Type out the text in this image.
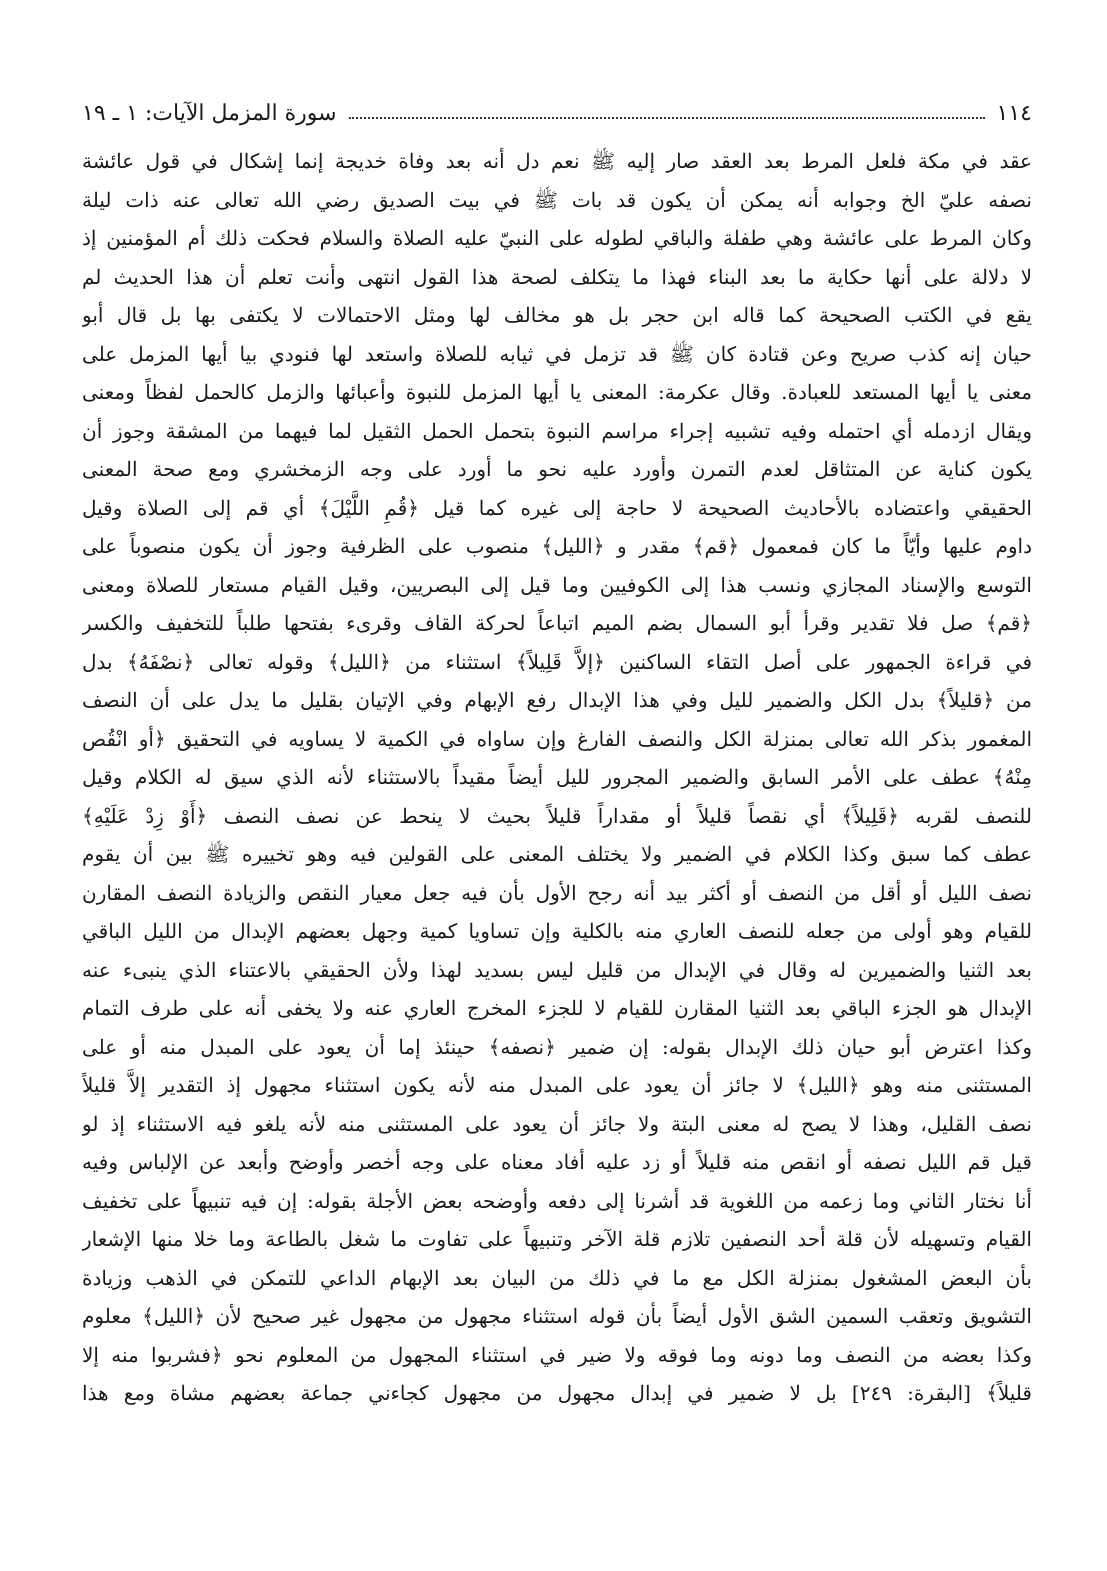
١١٤
سورة المزمل الآيات: ١ ـ ١٩
عقد في مكة فلعل المرط بعد العقد صار إليه ﷺ نعم دل أنه بعد وفاة خديجة إنما إشكال في قول عائشة
نصفه عليّ الخ وجوابه أنه يمكن أن يكون قد بات ﷺ في بيت الصديق رضي الله تعالى عنه ذات ليلة
وكان المرط على عائشة وهي طفلة والباقي لطوله على النبيّ عليه الصلاة والسلام فحكت ذلك أم المؤمنين إذ
لا دلالة على أنها حكاية ما بعد البناء فهذا ما يتكلف لصحة هذا القول انتهى وأنت تعلم أن هذا الحديث لم
يقع في الكتب الصحيحة كما قاله ابن حجر بل هو مخالف لها ومثل الاحتمالات لا يكتفى بها بل قال أبو
حيان إنه كذب صريح وعن قتادة كان ﷺ قد تزمل في ثيابه للصلاة واستعد لها فنودي بيا أيها المزمل على
معنى يا أيها المستعد للعبادة. وقال عكرمة: المعنى يا أيها المزمل للنبوة وأعبائها والزمل كالحمل لفظاً ومعنى
ويقال ازدمله أي احتمله وفيه تشبيه إجراء مراسم النبوة بتحمل الحمل الثقيل لما فيهما من المشقة وجوز أن
يكون كناية عن المتثاقل لعدم التمرن وأورد عليه نحو ما أورد على وجه الزمخشري ومع صحة المعنى
الحقيقي واعتضاده بالأحاديث الصحيحة لا حاجة إلى غيره كما قيل ﴿قُمِ اللَّيْلَ﴾ أي قم إلى الصلاة وقيل
داوم عليها وأيّاً ما كان فمعمول ﴿قم﴾ مقدر و ﴿الليل﴾ منصوب على الظرفية وجوز أن يكون منصوباً على
التوسع والإسناد المجازي ونسب هذا إلى الكوفيين وما قيل إلى البصريين، وقيل القيام مستعار للصلاة ومعنى
﴿قم﴾ صل فلا تقدير وقرأ أبو السمال بضم الميم اتباعاً لحركة القاف وقرىء بفتحها طلباً للتخفيف والكسر
في قراءة الجمهور على أصل التقاء الساكنين ﴿إلاَّ قَلِيلاً﴾ استثناء من ﴿الليل﴾ وقوله تعالى ﴿نصْفَهُ﴾ بدل
من ﴿قليلاً﴾ بدل الكل والضمير لليل وفي هذا الإبدال رفع الإبهام وفي الإتيان بقليل ما يدل على أن النصف
المغمور بذكر الله تعالى بمنزلة الكل والنصف الفارغ وإن ساواه في الكمية لا يساويه في التحقيق ﴿أو انْقُص
مِنْهُ﴾ عطف على الأمر السابق والضمير المجرور لليل أيضاً مقيداً بالاستثناء لأنه الذي سيق له الكلام وقيل
للنصف لقربه ﴿قَلِيلاً﴾ أي نقصاً قليلاً أو مقداراً قليلاً بحيث لا ينحط عن نصف النصف ﴿أَوْ زِدْ عَلَيْهِ﴾
عطف كما سبق وكذا الكلام في الضمير ولا يختلف المعنى على القولين فيه وهو تخييره ﷺ بين أن يقوم
نصف الليل أو أقل من النصف أو أكثر بيد أنه رجح الأول بأن فيه جعل معيار النقص والزيادة النصف المقارن
للقيام وهو أولى من جعله للنصف العاري منه بالكلية وإن تساويا كمية وجهل بعضهم الإبدال من الليل الباقي
بعد الثنيا والضميرين له وقال في الإبدال من قليل ليس بسديد لهذا ولأن الحقيقي بالاعتناء الذي ينبىء عنه
الإبدال هو الجزء الباقي بعد الثنيا المقارن للقيام لا للجزء المخرج العاري عنه ولا يخفى أنه على طرف التمام
وكذا اعترض أبو حيان ذلك الإبدال بقوله: إن ضمير ﴿نصفه﴾ حينئذ إما أن يعود على المبدل منه أو على
المستثنى منه وهو ﴿الليل﴾ لا جائز أن يعود على المبدل منه لأنه يكون استثناء مجهول إذ التقدير إلاَّ قليلاً
نصف القليل، وهذا لا يصح له معنى البتة ولا جائز أن يعود على المستثنى منه لأنه يلغو فيه الاستثناء إذ لو
قيل قم الليل نصفه أو انقص منه قليلاً أو زد عليه أفاد معناه على وجه أخصر وأوضح وأبعد عن الإلباس وفيه
أنا نختار الثاني وما زعمه من اللغوية قد أشرنا إلى دفعه وأوضحه بعض الأجلة بقوله: إن فيه تنبيهاً على تخفيف
القيام وتسهيله لأن قلة أحد النصفين تلازم قلة الآخر وتنبيهاً على تفاوت ما شغل بالطاعة وما خلا منها الإشعار
بأن البعض المشغول بمنزلة الكل مع ما في ذلك من البيان بعد الإبهام الداعي للتمكن في الذهب وزيادة
التشويق وتعقب السمين الشق الأول أيضاً بأن قوله استثناء مجهول من مجهول غير صحيح لأن ﴿الليل﴾ معلوم
وكذا بعضه من النصف وما دونه وما فوقه ولا ضير في استثناء المجهول من المعلوم نحو ﴿فشربوا منه إلا
قليلاً﴾ [البقرة: ٢٤٩] بل لا ضمير في إبدال مجهول من مجهول كجاءني جماعة بعضهم مشاة ومع هذا
